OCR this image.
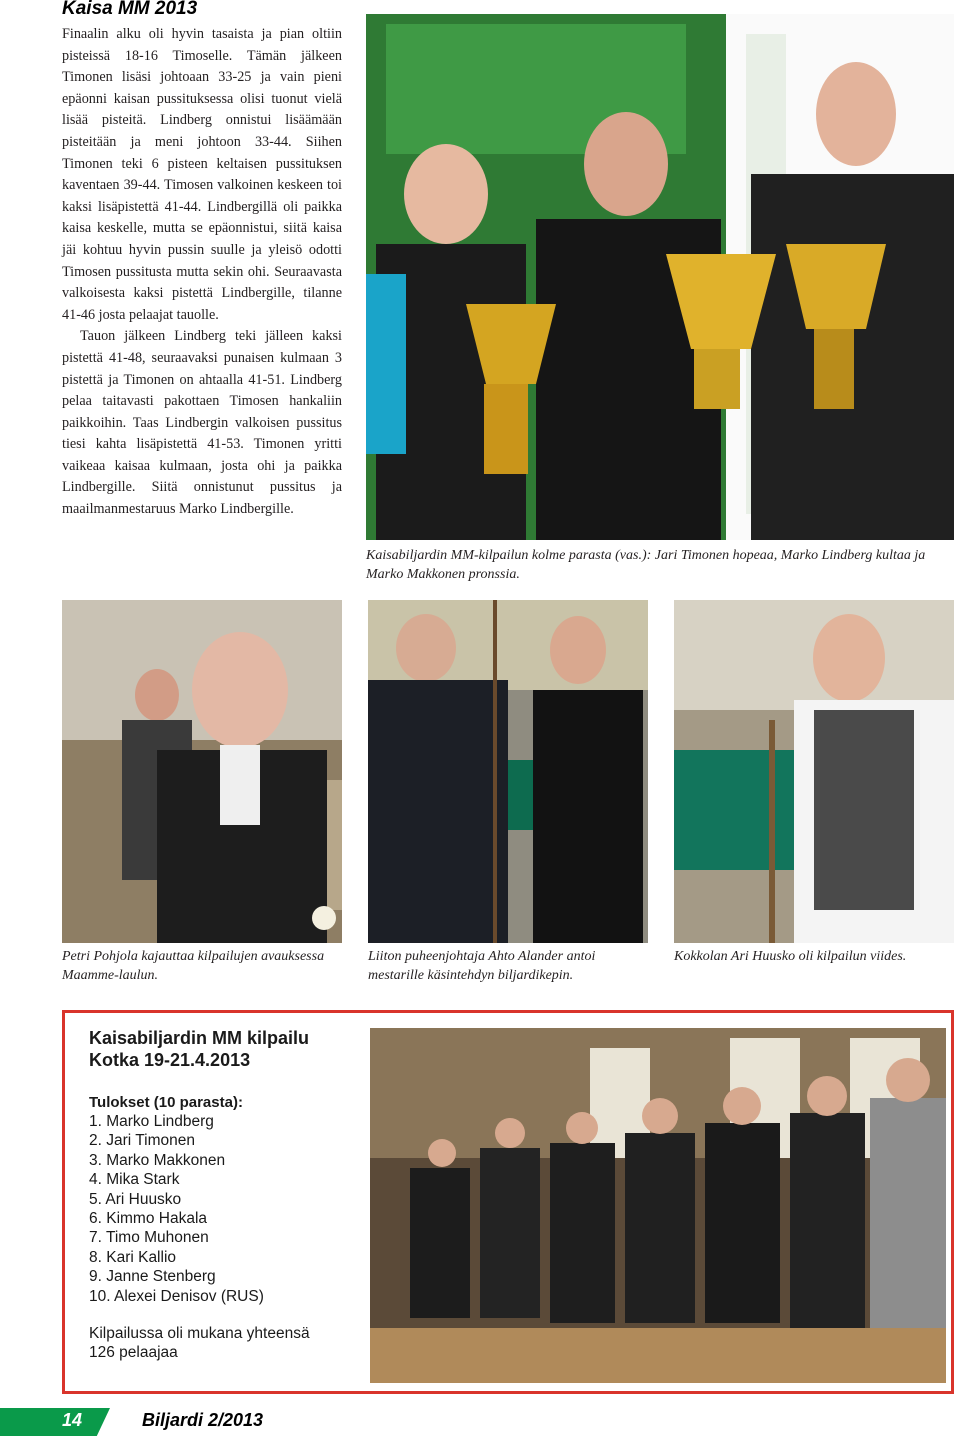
Kaisa MM 2013

Finaalin alku oli hyvin tasaista ja pian oltiin pisteissä 18-16 Timoselle. Tämän jälkeen Timonen lisäsi johtoaan 33-25 ja vain pieni epäonni kaisan pussituksessa olisi tuonut vielä lisää pisteitä. Lindberg onnistui lisäämään pisteitään ja meni johtoon 33-44. Siihen Timonen teki 6 pisteen keltaisen pussituksen kaventaen 39-44. Timosen valkoinen keskeen toi kaksi lisäpistettä 41-44. Lindbergillä oli paikka kaisa keskelle, mutta se epäonnistui, siitä kaisa jäi kohtuu hyvin pussin suulle ja yleisö odotti Timosen pussitusta mutta sekin ohi. Seuraavasta valkoisesta kaksi pistettä Lindbergille, tilanne 41-46 josta pelaajat tauolle.

Tauon jälkeen Lindberg teki jälleen kaksi pistettä 41-48, seuraavaksi punaisen kulmaan 3 pistettä ja Timonen on ahtaalla 41-51. Lindberg pelaa taitavasti pakottaen Timosen hankaliin paikkoihin. Taas Lindbergin valkoisen pussitus tiesi kahta lisäpistettä 41-53. Timonen yritti vaikeaa kaisaa kulmaan, josta ohi ja paikka Lindbergille. Siitä onnistunut pussitus ja maailmanmestaruus Marko Lindbergille.

Kaisabiljardin MM-kilpailun kolme parasta (vas.): Jari Timonen hopeaa, Marko Lindberg kultaa ja Marko Makkonen pronssia.
Petri Pohjola kajauttaa kilpailujen avauksessa Maamme-laulun.
Liiton puheenjohtaja Ahto Alander antoi mestarille käsintehdyn biljardikepin.
Kokkolan Ari Huusko oli kilpailun viides.

Kaisabiljardin MM kilpailu

Kotka 19-21.4.2013

Tulokset (10 parasta):

1. Marko Lindberg
2. Jari Timonen
3. Marko Makkonen
4. Mika Stark
5. Ari Huusko
6. Kimmo Hakala
7. Timo Muhonen
8. Kari Kallio
9. Janne Stenberg
10. Alexei Denisov (RUS)

Kilpailussa oli mukana yhteensä
126 pelaajaa

14	Biljardi 2/2013
